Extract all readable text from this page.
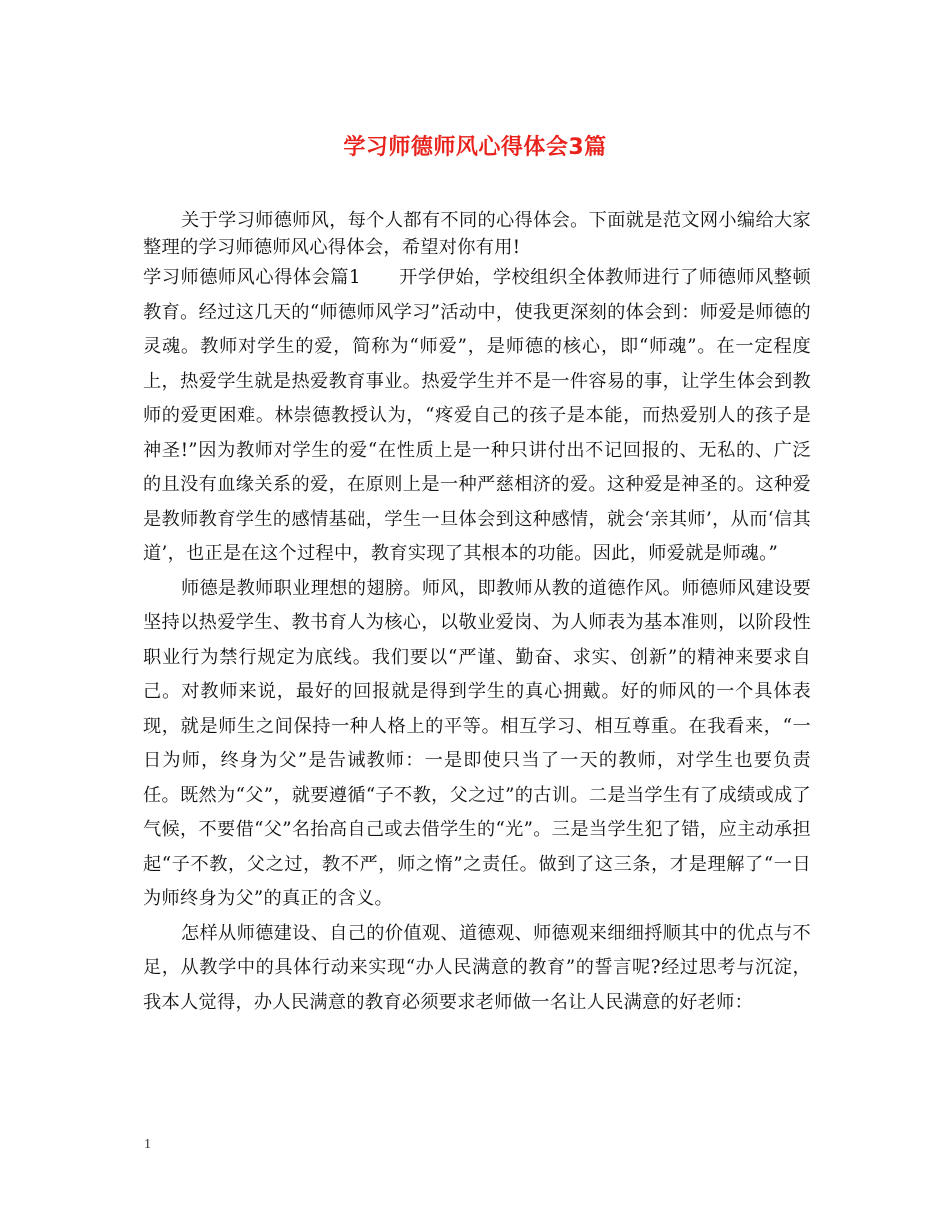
学习师德师风心得体会3篇

关于学习师德师风，每个人都有不同的心得体会。下面就是范文网小编给大家整理的学习师德师风心得体会，希望对你有用!

学习师德师风心得体会篇1 开学伊始，学校组织全体教师进行了师德师风整顿教育。经过这几天的“师德师风学习”活动中，使我更深刻的体会到：师爱是师德的灵魂。教师对学生的爱，简称为“师爱”，是师德的核心，即“师魂”。在一定程度上，热爱学生就是热爱教育事业。热爱学生并不是一件容易的事，让学生体会到教师的爱更困难。林崇德教授认为，“疼爱自己的孩子是本能，而热爱别人的孩子是神圣!”因为教师对学生的爱“在性质上是一种只讲付出不记回报的、无私的、广泛的且没有血缘关系的爱，在原则上是一种严慈相济的爱。这种爱是神圣的。这种爱是教师教育学生的感情基础，学生一旦体会到这种感情，就会‘亲其师’，从而‘信其道’，也正是在这个过程中，教育实现了其根本的功能。因此，师爱就是师魂。”

师德是教师职业理想的翅膀。师风，即教师从教的道德作风。师德师风建设要坚持以热爱学生、教书育人为核心，以敬业爱岗、为人师表为基本准则，以阶段性职业行为禁行规定为底线。我们要以“严谨、勤奋、求实、创新”的精神来要求自己。对教师来说，最好的回报就是得到学生的真心拥戴。好的师风的一个具体表现，就是师生之间保持一种人格上的平等。相互学习、相互尊重。在我看来，“一日为师，终身为父”是告诫教师：一是即使只当了一天的教师，对学生也要负责任。既然为“父”，就要遵循“子不教，父之过”的古训。二是当学生有了成绩或成了气候，不要借“父”名抬高自己或去借学生的“光”。三是当学生犯了错，应主动承担起“子不教，父之过，教不严，师之惰”之责任。做到了这三条，才是理解了“一日为师终身为父”的真正的含义。

怎样从师德建设、自己的价值观、道德观、师德观来细细捋顺其中的优点与不足，从教学中的具体行动来实现“办人民满意的教育”的誓言呢?经过思考与沉淀，我本人觉得，办人民满意的教育必须要求老师做一名让人民满意的好老师：

1
